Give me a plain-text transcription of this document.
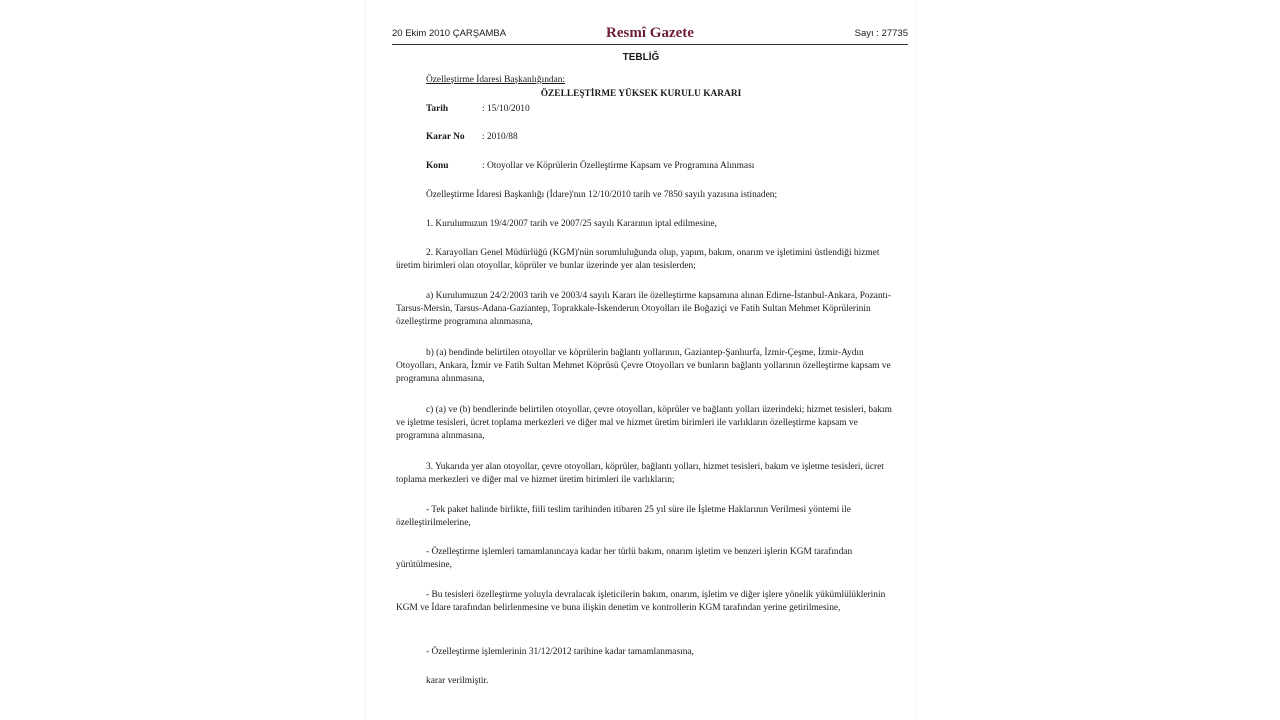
20 Ekim 2010 ÇARŞAMBA	Resmî Gazete	Sayı : 27735
TEBLİĞ
Özelleştirme İdaresi Başkanlığından:
ÖZELLEŞTİRME YÜKSEK KURULU KARARI
Tarih	: 15/10/2010
Karar No : 2010/88
Konu	: Otoyollar ve Köprülerin Özelleştirme Kapsam ve Programına Alınması
Özelleştirme İdaresi Başkanlığı (İdare)'nın 12/10/2010 tarih ve 7850 sayılı yazısına istinaden;
1. Kurulumuzun 19/4/2007 tarih ve 2007/25 sayılı Kararının iptal edilmesine,

2. Karayolları Genel Müdürlüğü (KGM)'nün sorumluluğunda olup, yapım, bakım, onarım ve işletimini üstlendiği hizmet üretim birimleri olan otoyollar, köprüler ve bunlar üzerinde yer alan tesislerden;

a) Kurulumuzun 24/2/2003 tarih ve 2003/4 sayılı Kararı ile özelleştirme kapsamına alınan Edirne-İstanbul-Ankara, Pozantı-Tarsus-Mersin, Tarsus-Adana-Gaziantep, Toprakkale-İskenderun Otoyolları ile Boğaziçi ve Fatih Sultan Mehmet Köprülerinin özelleştirme programına alınmasına,

b) (a) bendinde belirtilen otoyollar ve köprülerin bağlantı yollarının, Gaziantep-Şanlıurfa, İzmir-Çeşme, İzmir-Aydın Otoyolları, Ankara, İzmir ve Fatih Sultan Mehmet Köprüsü Çevre Otoyolları ve bunların bağlantı yollarının özelleştirme kapsam ve programına alınmasına,

c) (a) ve (b) bendlerinde belirtilen otoyollar, çevre otoyolları, köprüler ve bağlantı yolları üzerindeki; hizmet tesisleri, bakım ve işletme tesisleri, ücret toplama merkezleri ve diğer mal ve hizmet üretim birimleri ile varlıkların özelleştirme kapsam ve programına alınmasına,

3. Yukarıda yer alan otoyollar, çevre otoyolları, köprüler, bağlantı yolları, hizmet tesisleri, bakım ve işletme tesisleri, ücret toplama merkezleri ve diğer mal ve hizmet üretim birimleri ile varlıkların;

- Tek paket halinde birlikte, fiili teslim tarihinden itibaren 25 yıl süre ile İşletme Haklarının Verilmesi yöntemi ile özelleştirilmelerine,

- Özelleştirme işlemleri tamamlanıncaya kadar her türlü bakım, onarım işletim ve benzeri işlerin KGM tarafından yürütülmesine,

- Bu tesisleri özelleştirme yoluyla devralacak işleticilerin bakım, onarım, işletim ve diğer işlere yönelik yükümlülüklerinin KGM ve İdare tarafından belirlenmesine ve buna ilişkin denetim ve kontrollerin KGM tarafından yerine getirilmesine,

- Özelleştirme işlemlerinin 31/12/2012 tarihine kadar tamamlanmasına,
karar verilmiştir.
